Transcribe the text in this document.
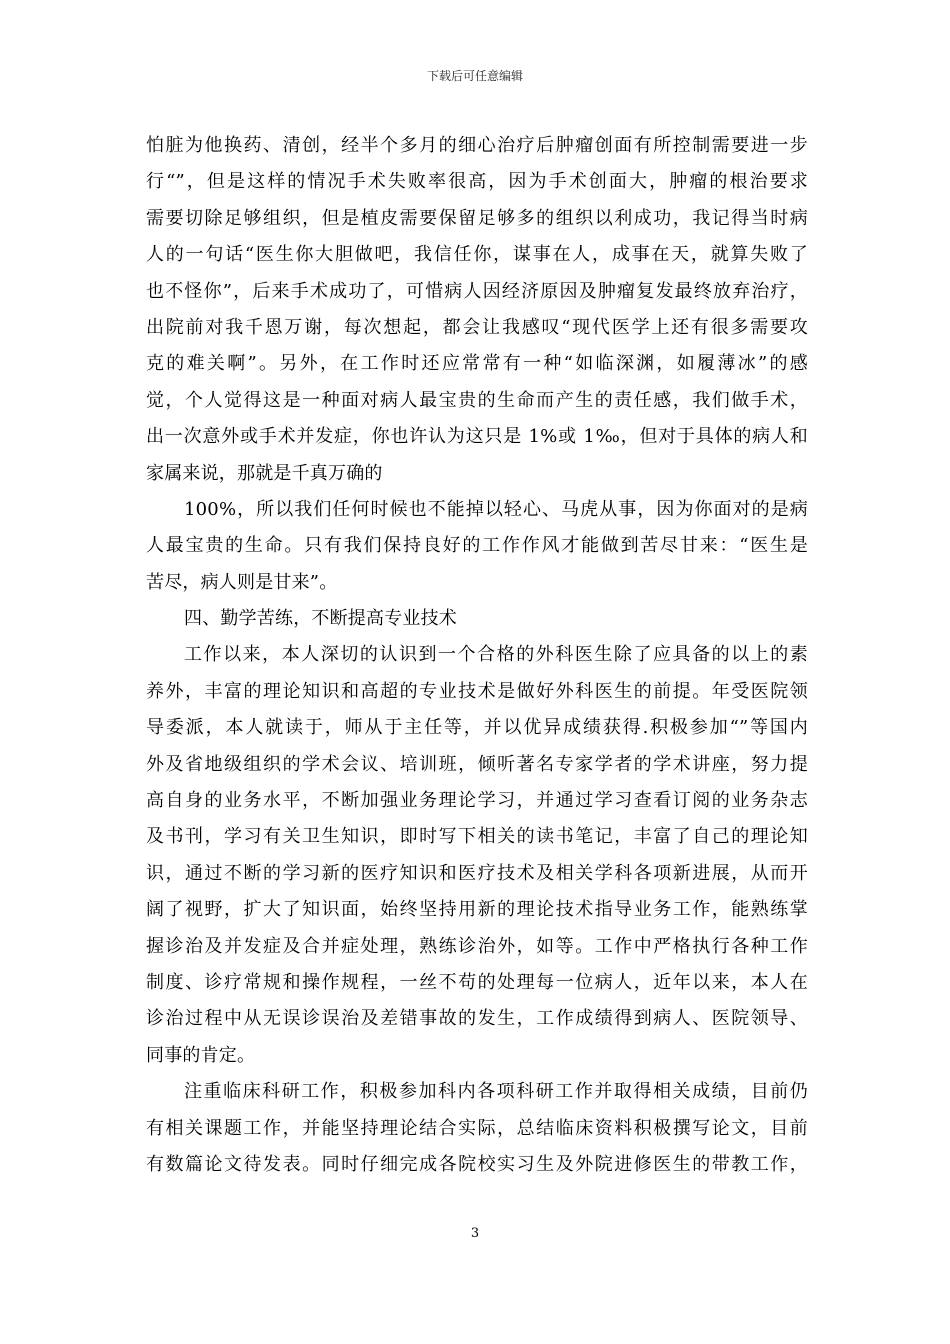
下载后可任意编辑
怕脏为他换药、清创，经半个多月的细心治疗后肿瘤创面有所控制需要进一步
行“”，但是这样的情况手术失败率很高，因为手术创面大，肿瘤的根治要求
需要切除足够组织，但是植皮需要保留足够多的组织以利成功，我记得当时病
人的一句话“医生你大胆做吧，我信任你，谋事在人，成事在天，就算失败了
也不怪你”，后来手术成功了，可惜病人因经济原因及肿瘤复发最终放弃治疗，
出院前对我千恩万谢，每次想起，都会让我感叹“现代医学上还有很多需要攻
克的难关啊”。另外，在工作时还应常常有一种“如临深渊，如履薄冰”的感
觉，个人觉得这是一种面对病人最宝贵的生命而产生的责任感，我们做手术，
出一次意外或手术并发症，你也许认为这只是 1%或 1‰，但对于具体的病人和
家属来说，那就是千真万确的
100%，所以我们任何时候也不能掉以轻心、马虎从事，因为你面对的是病
人最宝贵的生命。只有我们保持良好的工作作风才能做到苦尽甘来：“医生是
苦尽，病人则是甘来”。
四、勤学苦练，不断提高专业技术
工作以来，本人深切的认识到一个合格的外科医生除了应具备的以上的素
养外，丰富的理论知识和高超的专业技术是做好外科医生的前提。年受医院领
导委派，本人就读于，师从于主任等，并以优异成绩获得.积极参加“”等国内
外及省地级组织的学术会议、培训班，倾听著名专家学者的学术讲座，努力提
高自身的业务水平，不断加强业务理论学习，并通过学习查看订阅的业务杂志
及书刊，学习有关卫生知识，即时写下相关的读书笔记，丰富了自己的理论知
识，通过不断的学习新的医疗知识和医疗技术及相关学科各项新进展，从而开
阔了视野，扩大了知识面，始终坚持用新的理论技术指导业务工作，能熟练掌
握诊治及并发症及合并症处理，熟练诊治外，如等。工作中严格执行各种工作
制度、诊疗常规和操作规程，一丝不苟的处理每一位病人，近年以来，本人在
诊治过程中从无误诊误治及差错事故的发生，工作成绩得到病人、医院领导、
同事的肯定。
注重临床科研工作，积极参加科内各项科研工作并取得相关成绩，目前仍
有相关课题工作，并能坚持理论结合实际，总结临床资料积极撰写论文，目前
有数篇论文待发表。同时仔细完成各院校实习生及外院进修医生的带教工作，
3
